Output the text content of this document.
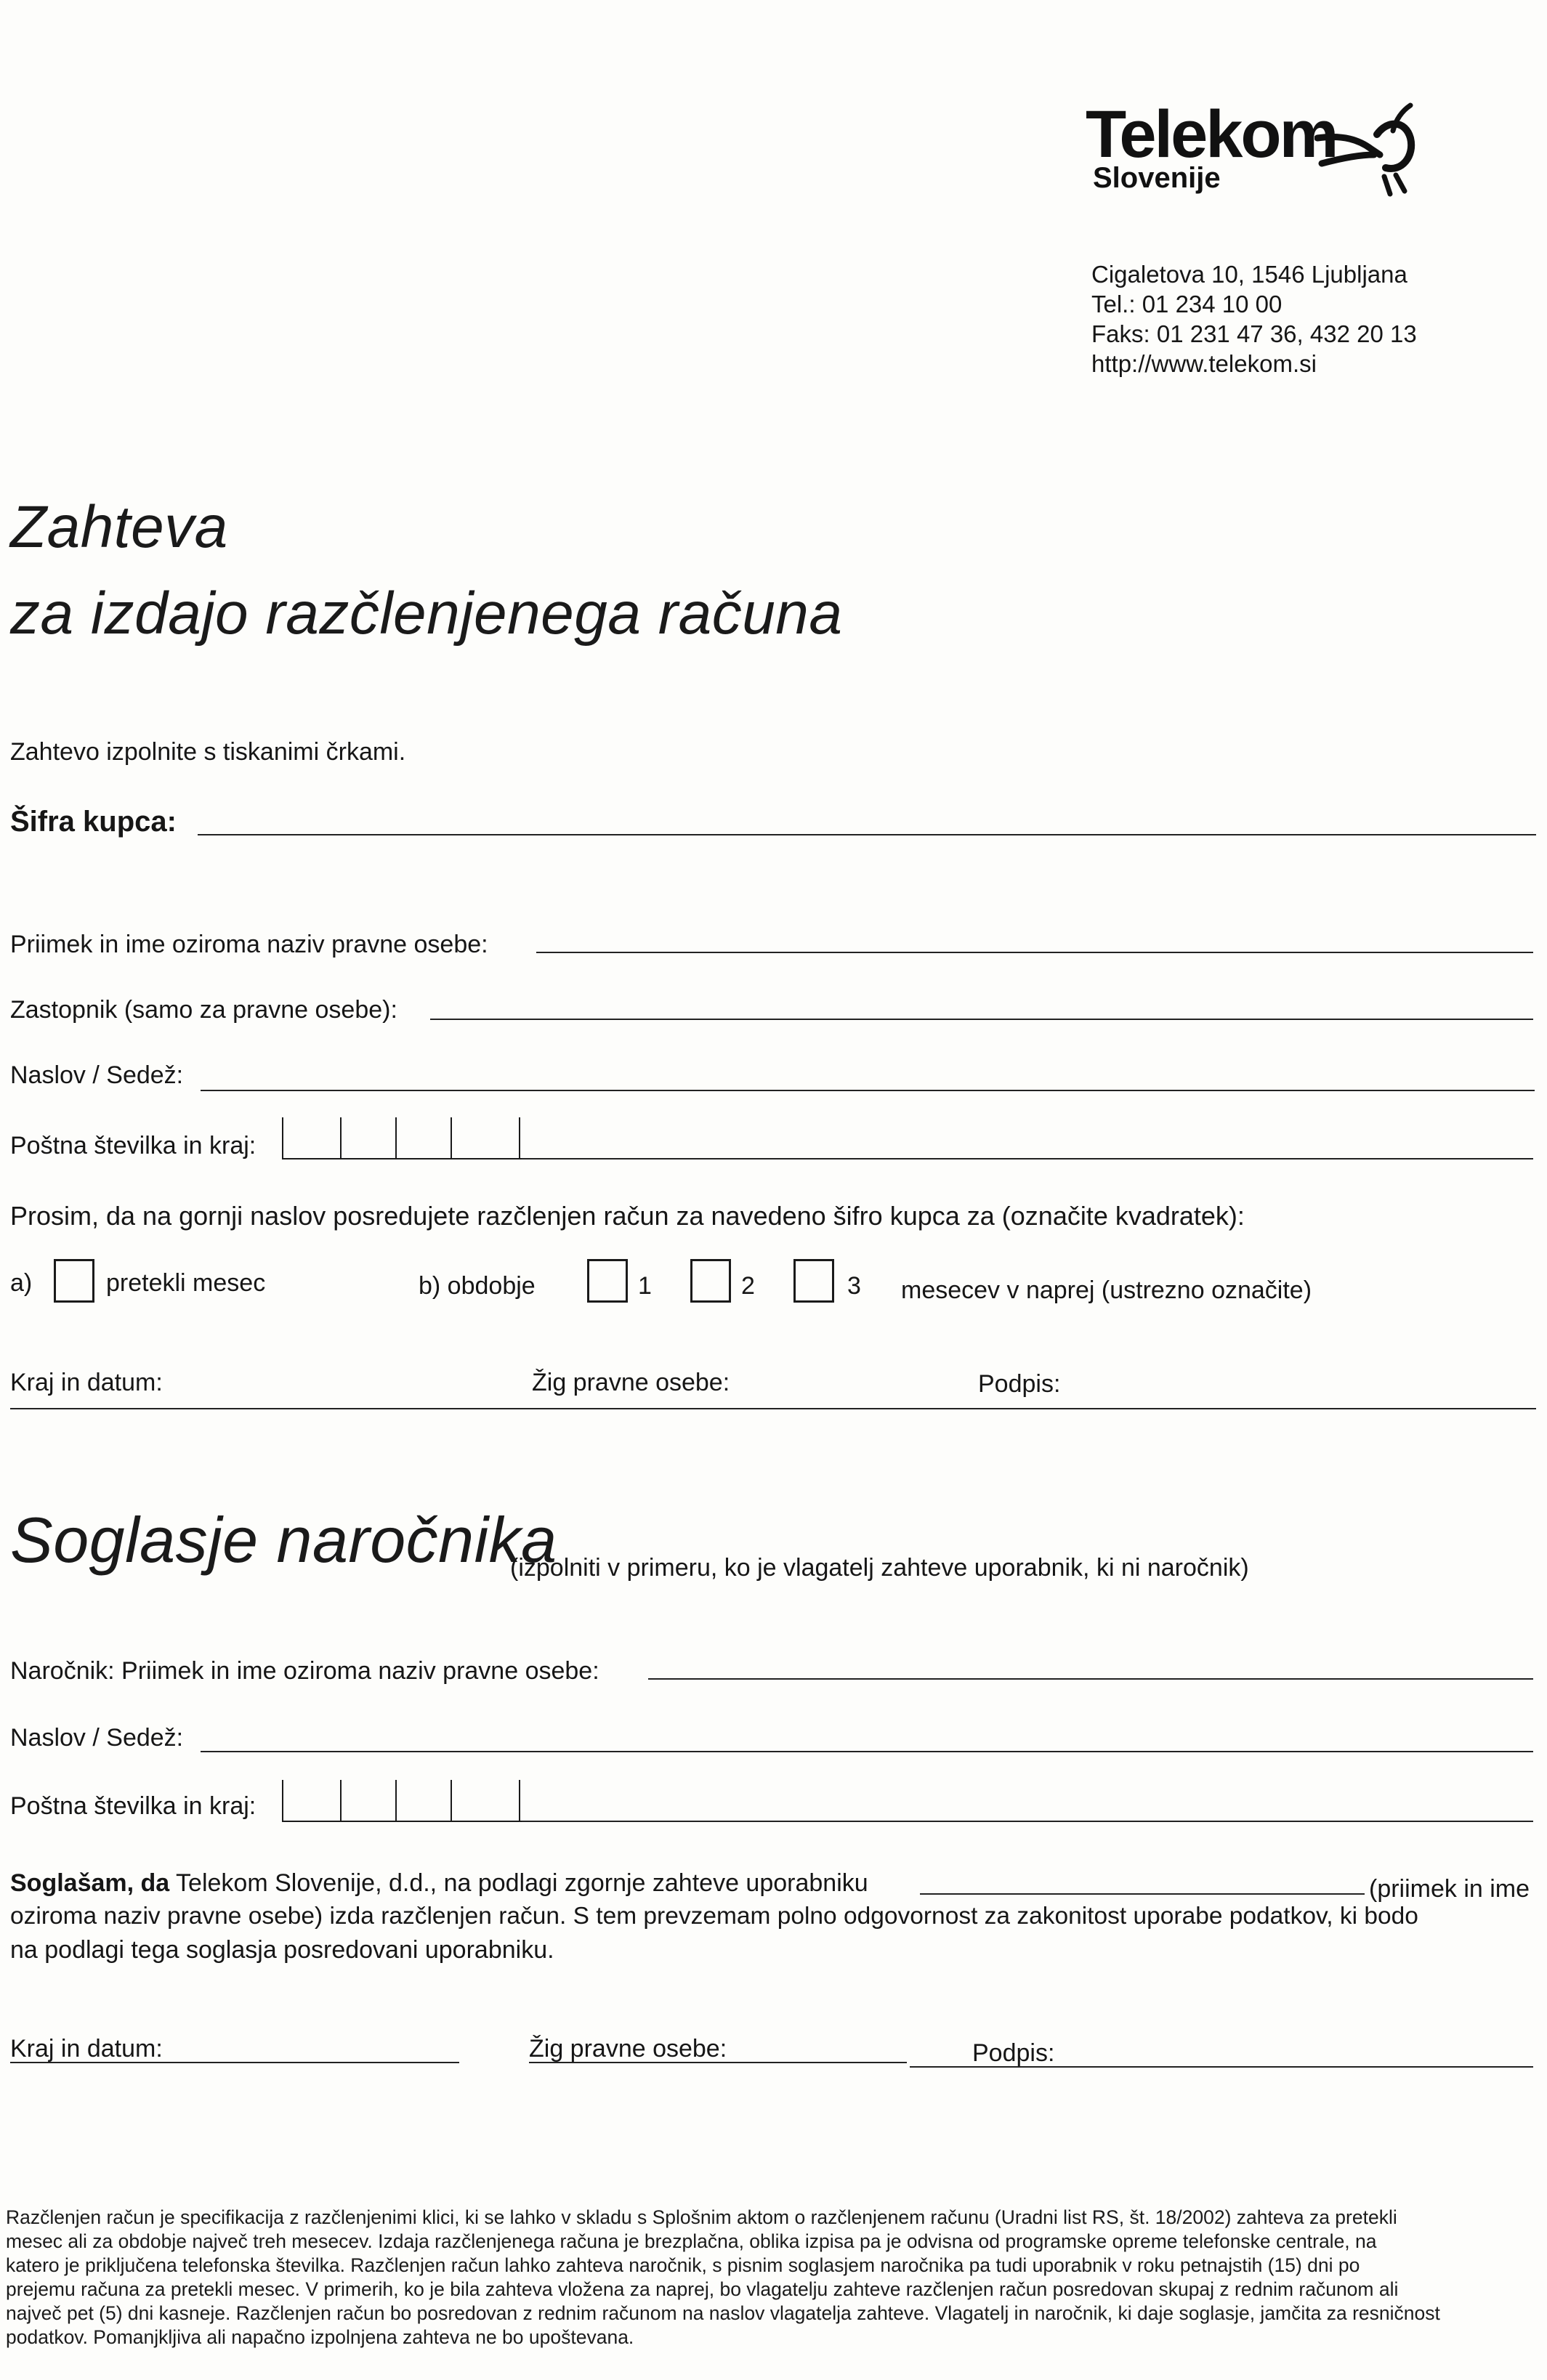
Telekom
Slovenije
Cigaletova 10, 1546 Ljubljana
Tel.: 01 234 10 00
Faks: 01 231 47 36, 432 20 13
http://www.telekom.si
Zahteva
za izdajo razčlenjenega računa
Zahtevo izpolnite s tiskanimi črkami.
Šifra kupca:
Priimek in ime oziroma naziv pravne osebe:
Zastopnik (samo za pravne osebe):
Naslov / Sedež:
Poštna številka in kraj:
Prosim, da na gornji naslov posredujete razčlenjen račun za navedeno šifro kupca za (označite kvadratek):
a)	pretekli mesec	b) obdobje	1	2	3 mesecev v naprej (ustrezno označite)
Kraj in datum:	Žig pravne osebe:	Podpis:
Soglasje naročnika
(izpolniti v primeru, ko je vlagatelj zahteve uporabnik, ki ni naročnik)
Naročnik: Priimek in ime oziroma naziv pravne osebe:
Naslov / Sedež:
Poštna številka in kraj:
Soglašam, da Telekom Slovenije, d.d., na podlagi zgornje zahteve uporabniku	(priimek in ime
oziroma naziv pravne osebe) izda razčlenjen račun. S tem prevzemam polno odgovornost za zakonitost uporabe podatkov, ki bodo
na podlagi tega soglasja posredovani uporabniku.
Kraj in datum:	Žig pravne osebe:	Podpis:

Razčlenjen račun je specifikacija z razčlenjenimi klici, ki se lahko v skladu s Splošnim aktom o razčlenjenem računu (Uradni list RS, št. 18/2002) zahteva za pretekli

mesec ali za obdobje največ treh mesecev. Izdaja razčlenjenega računa je brezplačna, oblika izpisa pa je odvisna od programske opreme telefonske centrale, na

katero je priključena telefonska številka. Razčlenjen račun lahko zahteva naročnik, s pisnim soglasjem naročnika pa tudi uporabnik v roku petnajstih (15) dni po

prejemu računa za pretekli mesec. V primerih, ko je bila zahteva vložena za naprej, bo vlagatelju zahteve razčlenjen račun posredovan skupaj z rednim računom ali

največ pet (5) dni kasneje. Razčlenjen račun bo posredovan z rednim računom na naslov vlagatelja zahteve. Vlagatelj in naročnik, ki daje soglasje, jamčita za resničnost

podatkov. Pomanjkljiva ali napačno izpolnjena zahteva ne bo upoštevana.
